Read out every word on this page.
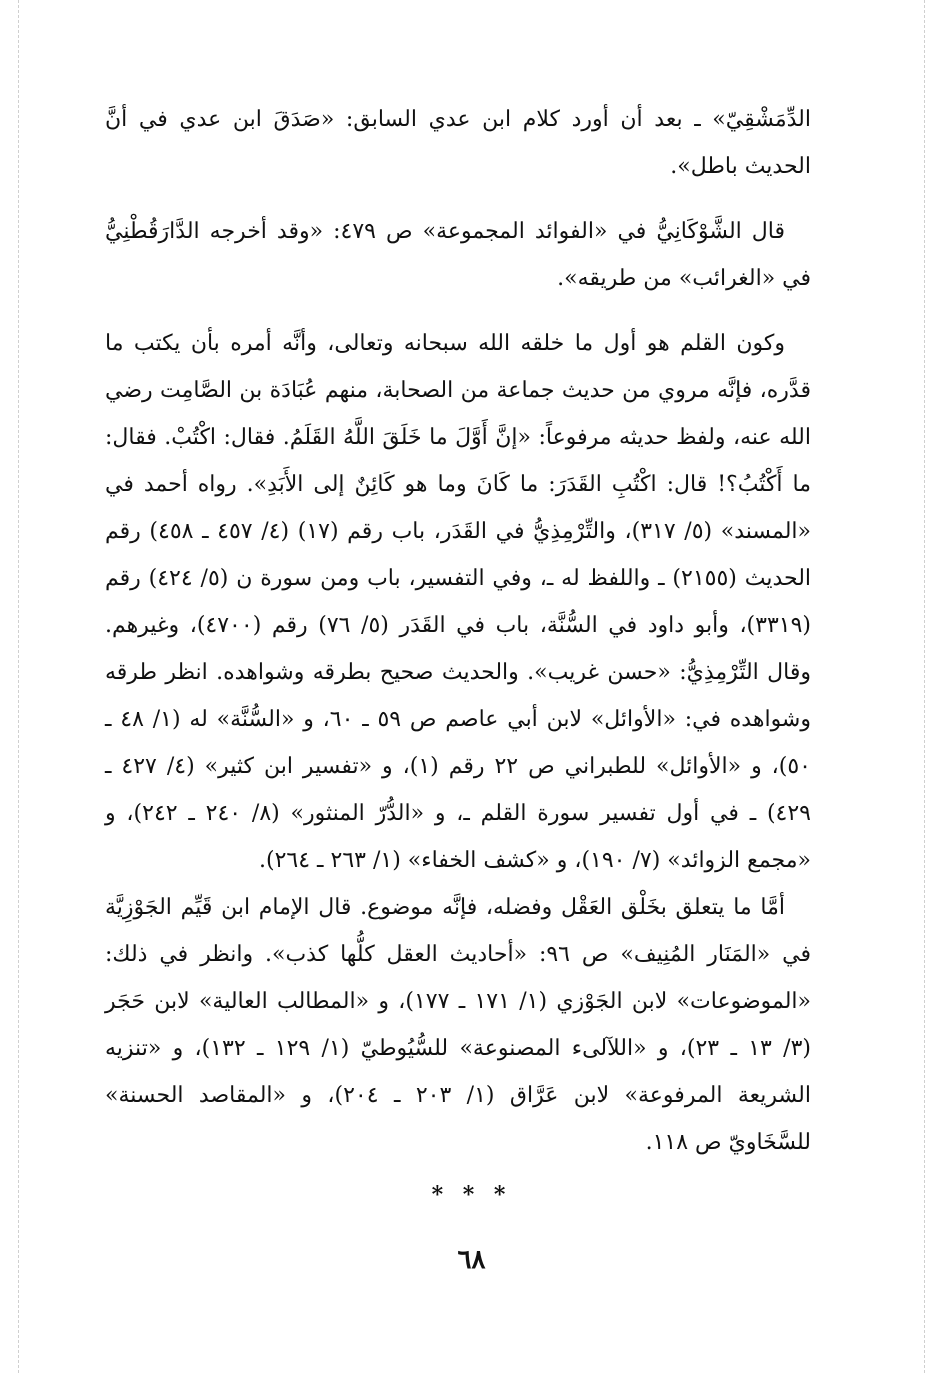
الدِّمَشْقِيّ» ـ بعد أن أورد كلام ابن عدي السابق: «صَدَقَ ابن عدي في أنَّ الحديث باطل».

قال الشَّوْكَانِيُّ في «الفوائد المجموعة» ص ٤٧٩: «وقد أخرجه الدَّارَقُطْنِيُّ في «الغرائب» من طريقه».

وكون القلم هو أول ما خلقه الله سبحانه وتعالى، وأنَّه أمره بأن يكتب ما قدَّره، فإنَّه مروي من حديث جماعة من الصحابة، منهم عُبَادَة بن الصَّامِت رضي الله عنه، ولفظ حديثه مرفوعاً: «إنَّ أَوَّلَ ما خَلَقَ اللَّهُ القَلَمُ. فقال: اكْتُبْ. فقال: ما أَكْتُبُ؟! قال: اكْتُبِ القَدَرَ: ما كَانَ وما هو كَائِنٌ إلى الأَبَدِ». رواه أحمد في «المسند» (٥/ ٣١٧)، والتِّرْمِذِيُّ في القَدَر، باب رقم (١٧) (٤/ ٤٥٧ ـ ٤٥٨) رقم الحديث (٢١٥٥) ـ واللفظ له ـ، وفي التفسير، باب ومن سورة ن (٥/ ٤٢٤) رقم (٣٣١٩)، وأبو داود في السُّنَّة، باب في القَدَر (٥/ ٧٦) رقم (٤٧٠٠)، وغيرهم. وقال التِّرْمِذِيُّ: «حسن غريب». والحديث صحيح بطرقه وشواهده. انظر طرقه وشواهده في: «الأوائل» لابن أبي عاصم ص ٥٩ ـ ٦٠، و «السُّنَّة» له (١/ ٤٨ ـ ٥٠)، و «الأوائل» للطبراني ص ٢٢ رقم (١)، و «تفسير ابن كثير» (٤/ ٤٢٧ ـ ٤٢٩) ـ في أول تفسير سورة القلم ـ، و «الدُّرّ المنثور» (٨/ ٢٤٠ ـ ٢٤٢)، و «مجمع الزوائد» (٧/ ١٩٠)، و «كشف الخفاء» (١/ ٢٦٣ ـ ٢٦٤).

أمَّا ما يتعلق بخَلْق العَقْل وفضله، فإنَّه موضوع. قال الإمام ابن قَيِّم الجَوْزِيَّة في «المَنَار المُنِيف» ص ٩٦: «أحاديث العقل كلُّها كذب». وانظر في ذلك: «الموضوعات» لابن الجَوْزي (١/ ١٧١ ـ ١٧٧)، و «المطالب العالية» لابن حَجَر (٣/ ١٣ ـ ٢٣)، و «اللآلىء المصنوعة» للسُّيُوطيّ (١/ ١٢٩ ـ ١٣٢)، و «تنزيه الشريعة المرفوعة» لابن عَرَّاق (١/ ٢٠٣ ـ ٢٠٤)، و «المقاصد الحسنة» للسَّخَاويّ ص ١١٨.

* * *
٦٨
